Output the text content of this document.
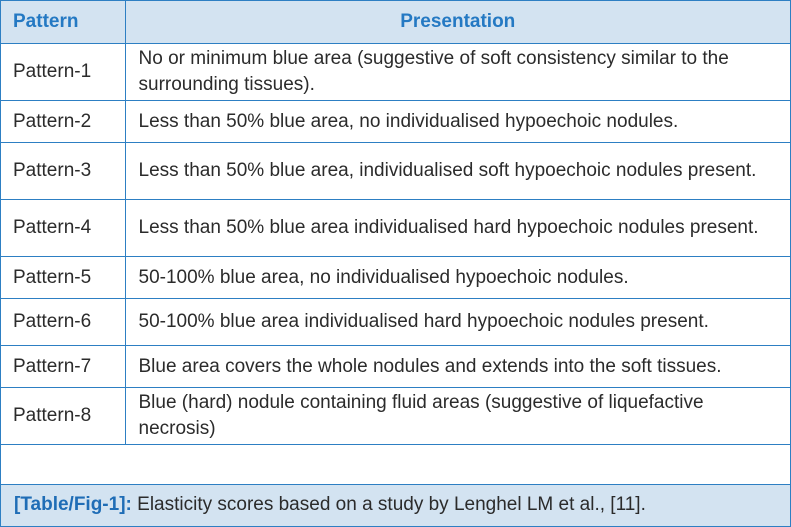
Pattern	Presentation
Pattern-1	No or minimum blue area (suggestive of soft consistency similar to the surrounding tissues).
Pattern-2	Less than 50% blue area, no individualised hypoechoic nodules.
Pattern-3	Less than 50% blue area, individualised soft hypoechoic nodules present.
Pattern-4	Less than 50% blue area individualised hard hypoechoic nodules present.
Pattern-5	50-100% blue area, no individualised hypoechoic nodules.
Pattern-6	50-100% blue area individualised hard hypoechoic nodules present.
Pattern-7	Blue area covers the whole nodules and extends into the soft tissues.
Pattern-8	Blue (hard) nodule containing fluid areas (suggestive of liquefactive necrosis)
[Table/Fig-1]: Elasticity scores based on a study by Lenghel LM et al., [11].
